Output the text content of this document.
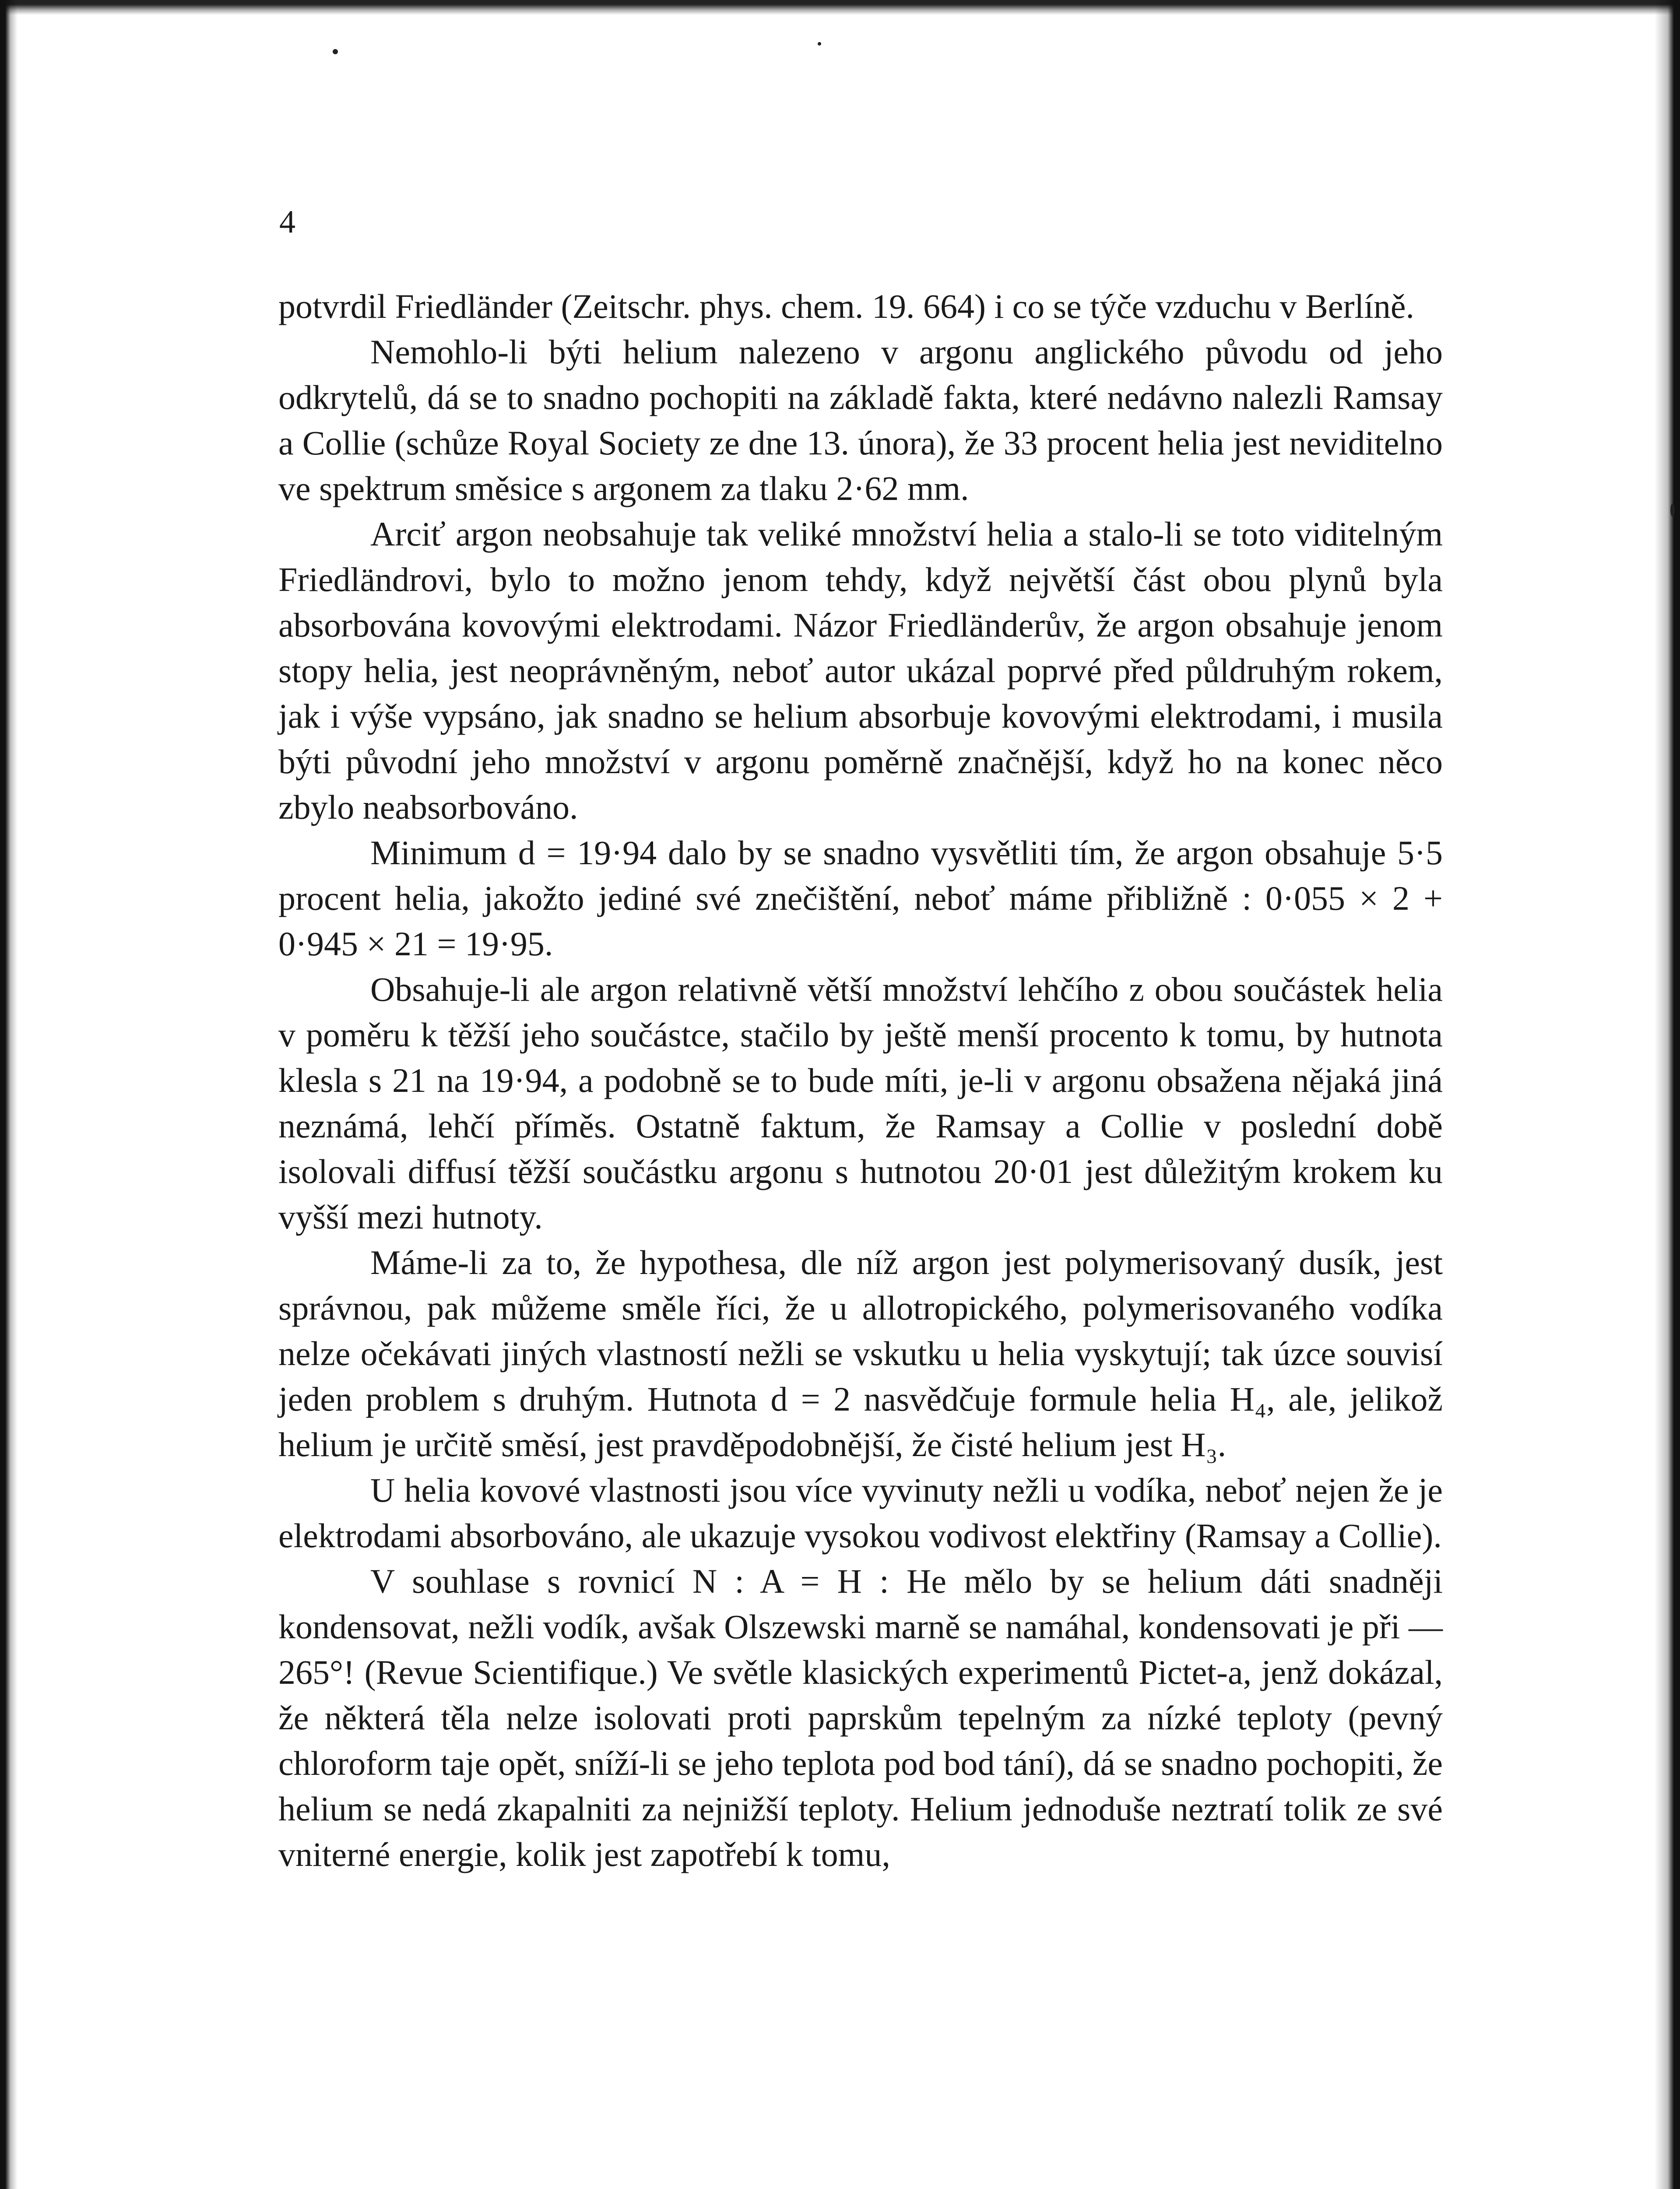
4

potvrdil Friedländer (Zeitschr. phys. chem. 19. 664) i co se týče vzduchu v Berlíně.

Nemohlo-li býti helium nalezeno v argonu anglického původu od jeho odkrytelů, dá se to snadno pochopiti na základě fakta, které nedávno nalezli Ramsay a Collie (schůze Royal Society ze dne 13. února), že 33 procent helia jest neviditelno ve spektrum směsice s argonem za tlaku 2·62 mm.

Arciť argon neobsahuje tak veliké množství helia a stalo-li se toto viditelným Friedländrovi, bylo to možno jenom tehdy, když největší část obou plynů byla absorbována kovovými elektrodami. Názor Friedländerův, že argon obsahuje jenom stopy helia, jest neoprávněným, neboť autor ukázal poprvé před půldruhým rokem, jak i výše vypsáno, jak snadno se helium absorbuje kovovými elektrodami, i musila býti původní jeho množství v argonu poměrně značnější, když ho na konec něco zbylo neabsorbováno.

Minimum d = 19·94 dalo by se snadno vysvětliti tím, že argon obsahuje 5·5 procent helia, jakožto jediné své znečištění, neboť máme přibližně : 0·055 × 2 + 0·945 × 21 = 19·95.

Obsahuje-li ale argon relativně větší množství lehčího z obou součástek helia v poměru k těžší jeho součástce, stačilo by ještě menší procento k tomu, by hutnota klesla s 21 na 19·94, a podobně se to bude míti, je-li v argonu obsažena nějaká jiná neznámá, lehčí příměs. Ostatně faktum, že Ramsay a Collie v poslední době isolovali diffusí těžší součástku argonu s hutnotou 20·01 jest důležitým krokem ku vyšší mezi hutnoty.

Máme-li za to, že hypothesa, dle níž argon jest polymerisovaný dusík, jest správnou, pak můžeme směle říci, že u allotropického, polymerisovaného vodíka nelze očekávati jiných vlastností nežli se vskutku u helia vyskytují; tak úzce souvisí jeden problem s druhým. Hutnota d = 2 nasvědčuje formule helia H₄, ale, jelikož helium je určitě směsí, jest pravděpodobnější, že čisté helium jest H₃.

U helia kovové vlastnosti jsou více vyvinuty nežli u vodíka, neboť nejen že je elektrodami absorbováno, ale ukazuje vysokou vodivost elektřiny (Ramsay a Collie).

V souhlase s rovnicí N : A = H : He mělo by se helium dáti snadněji kondensovat, nežli vodík, avšak Olszewski marně se namáhal, kondensovati je při —265°! (Revue Scientifique.) Ve světle klasických experimentů Pictet-a, jenž dokázal, že některá těla nelze isolovati proti paprskům tepelným za nízké teploty (pevný chloroform taje opět, sníží-li se jeho teplota pod bod tání), dá se snadno pochopiti, že helium se nedá zkapalniti za nejnižší teploty. Helium jednoduše neztratí tolik ze své vniterné energie, kolik jest zapotřebí k tomu,
